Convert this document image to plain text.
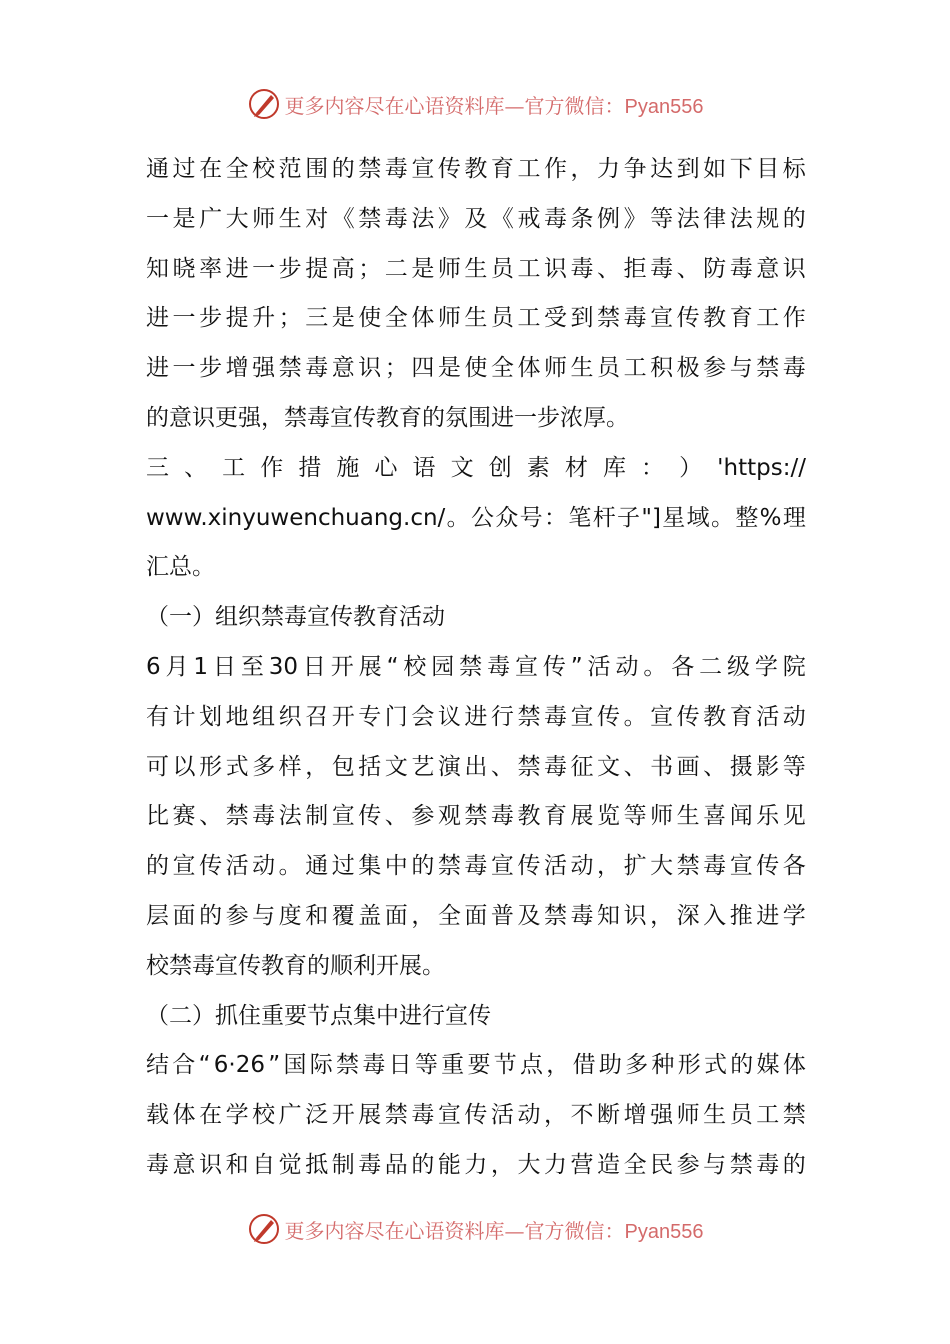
更多内容尽在心语资料库—官方微信：Pyan556
通 过 在 全 校 范 围 的 禁 毒 宣 传 教 育 工 作 ， 力 争 达 到 如 下 目 标
一 是 广 大 师 生 对 《 禁 毒 法 》 及 《 戒 毒 条 例 》 等 法 律 法 规 的
知 晓 率 进 一 步 提 高 ； 二 是 师 生 员 工 识 毒 、 拒 毒 、 防 毒 意 识
进 一 步 提 升 ； 三 是 使 全 体 师 生 员 工 受 到 禁 毒 宣 传 教 育 工 作
进 一 步 增 强 禁 毒 意 识 ； 四 是 使 全 体 师 生 员 工 积 极 参 与 禁 毒
的意识更强，禁毒宣传教育的氛围进一步浓厚。
三 、 工 作 措 施 心 语 文 创 素 材 库 ： ） 'https://
www.xinyuwenchuang.cn/ 。 公 众 号 ： 笔 杆 子 "] 星 域 。 整 % 理
汇总。
（一）组织禁毒宣传教育活动
6 月 1 日 至 30 日 开 展 “ 校 园 禁 毒 宣 传 ” 活 动 。 各 二 级 学 院
有 计 划 地 组 织 召 开 专 门 会 议 进 行 禁 毒 宣 传 。 宣 传 教 育 活 动
可 以 形 式 多 样 ， 包 括 文 艺 演 出 、 禁 毒 征 文 、 书 画 、 摄 影 等
比 赛 、 禁 毒 法 制 宣 传 、 参 观 禁 毒 教 育 展 览 等 师 生 喜 闻 乐 见
的 宣 传 活 动 。 通 过 集 中 的 禁 毒 宣 传 活 动 ， 扩 大 禁 毒 宣 传 各
层 面 的 参 与 度 和 覆 盖 面 ， 全 面 普 及 禁 毒 知 识 ， 深 入 推 进 学
校禁毒宣传教育的顺利开展。
（二）抓住重要节点集中进行宣传
结 合 “ 6·26 ” 国 际 禁 毒 日 等 重 要 节 点 ， 借 助 多 种 形 式 的 媒 体
载 体 在 学 校 广 泛 开 展 禁 毒 宣 传 活 动 ， 不 断 增 强 师 生 员 工 禁
毒 意 识 和 自 觉 抵 制 毒 品 的 能 力 ， 大 力 营 造 全 民 参 与 禁 毒 的
更多内容尽在心语资料库—官方微信：Pyan556
